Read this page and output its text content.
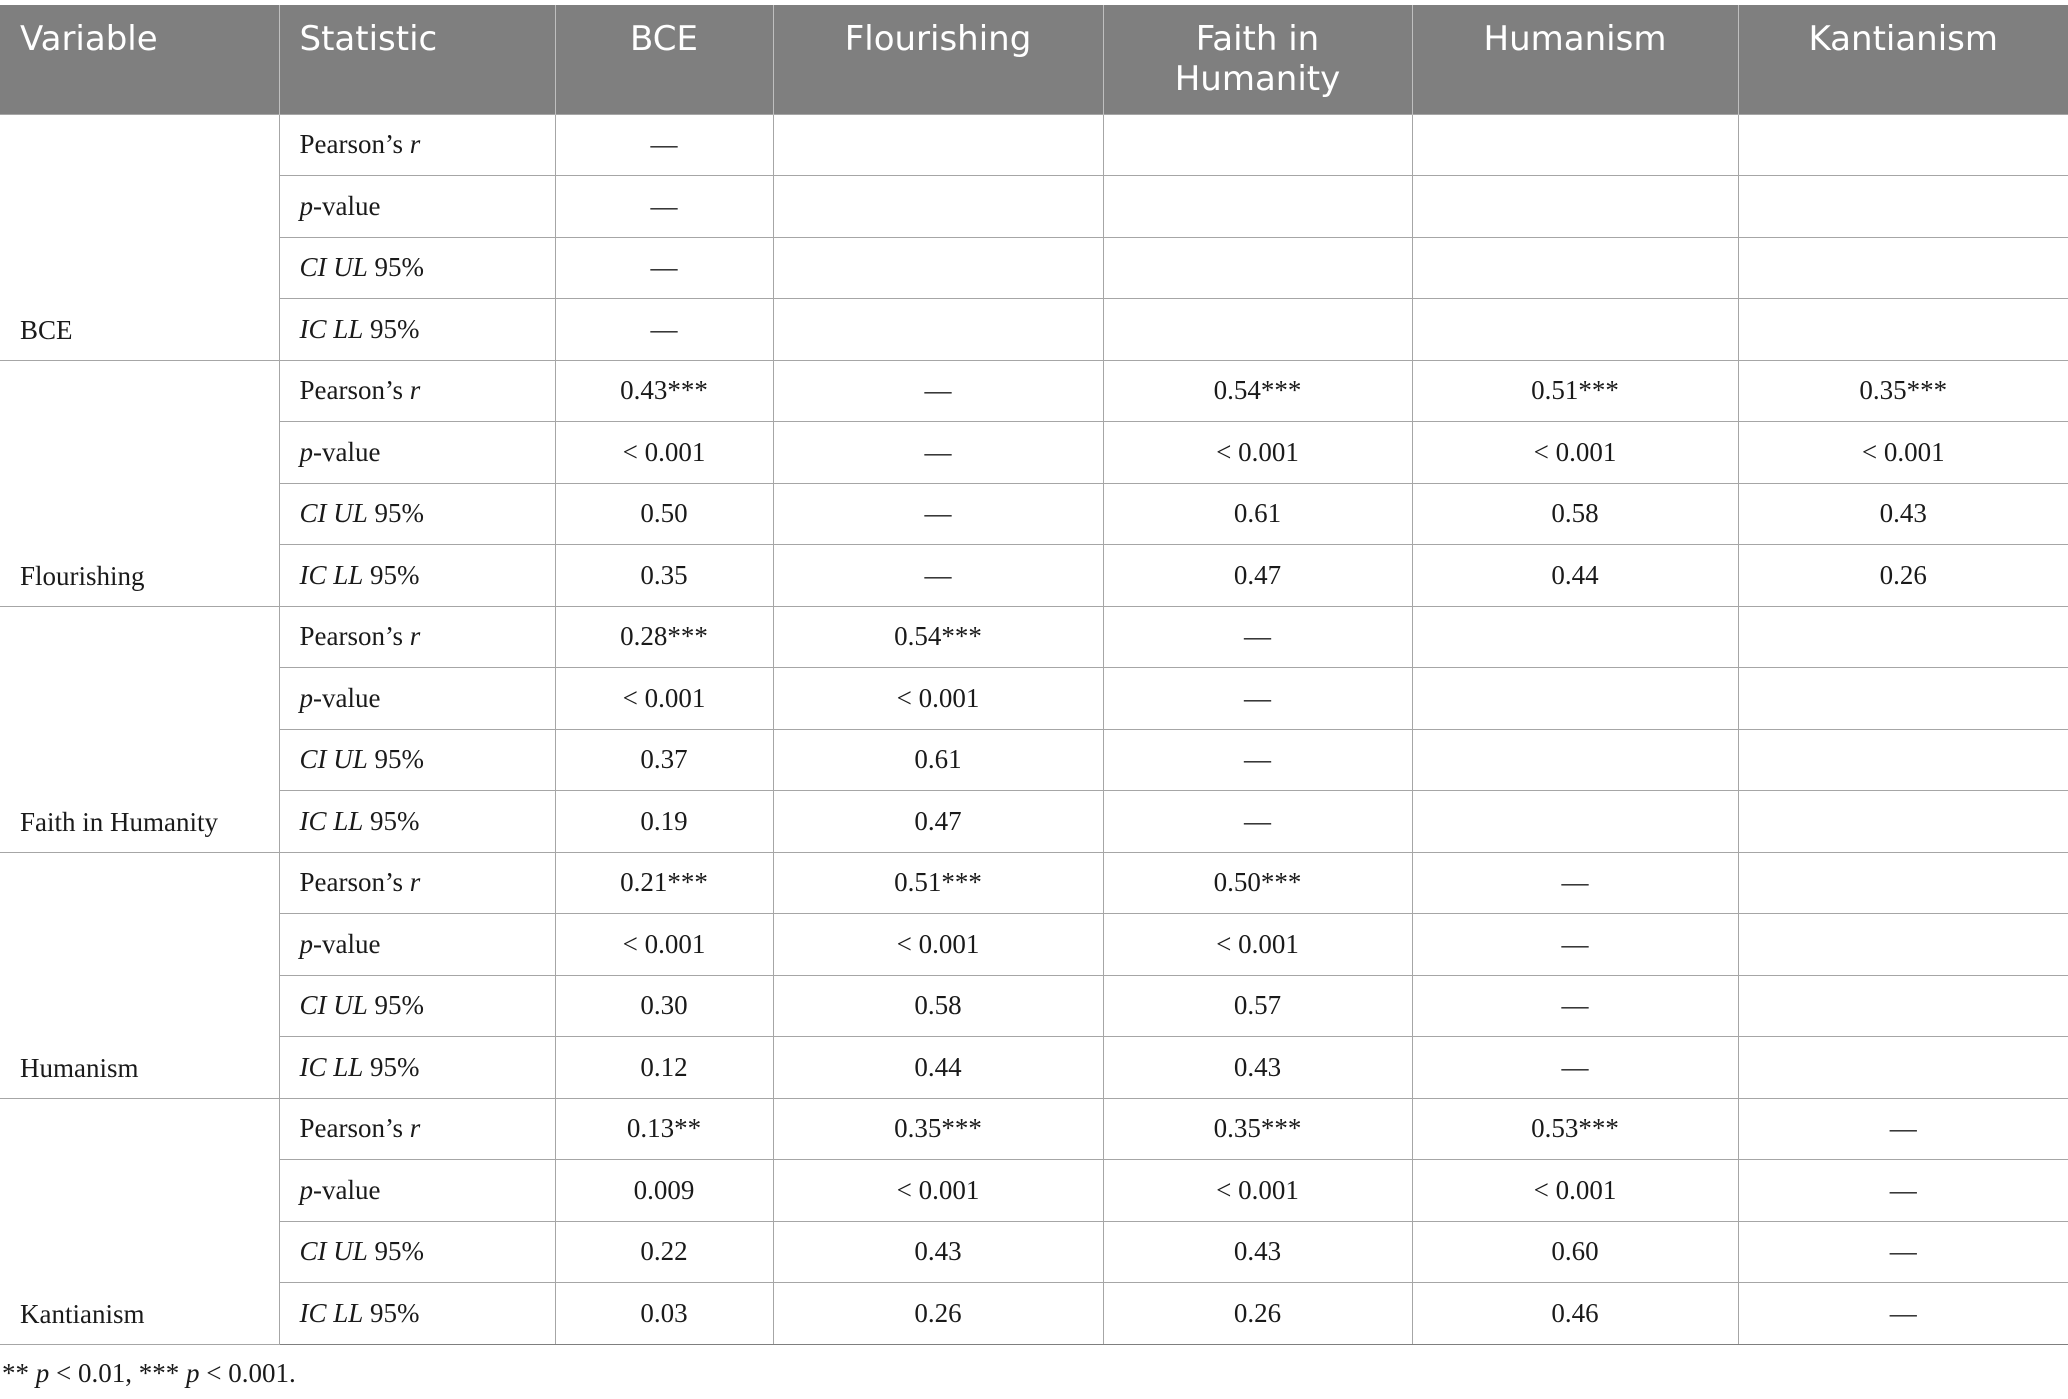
Variable	Statistic	BCE	Flourishing	Faith in Humanity	Humanism	Kantianism
BCE	Pearson’s r	—				
	p-value	—				
	CI UL 95%	—				
	IC LL 95%	—				
Flourishing	Pearson’s r	0.43***	—	0.54***	0.51***	0.35***
	p-value	< 0.001	—	< 0.001	< 0.001	< 0.001
	CI UL 95%	0.50	—	0.61	0.58	0.43
	IC LL 95%	0.35	—	0.47	0.44	0.26
Faith in Humanity	Pearson’s r	0.28***	0.54***	—		
	p-value	< 0.001	< 0.001	—		
	CI UL 95%	0.37	0.61	—		
	IC LL 95%	0.19	0.47	—		
Humanism	Pearson’s r	0.21***	0.51***	0.50***	—	
	p-value	< 0.001	< 0.001	< 0.001	—	
	CI UL 95%	0.30	0.58	0.57	—	
	IC LL 95%	0.12	0.44	0.43	—	
Kantianism	Pearson’s r	0.13**	0.35***	0.35***	0.53***	—
	p-value	0.009	< 0.001	< 0.001	< 0.001	—
	CI UL 95%	0.22	0.43	0.43	0.60	—
	IC LL 95%	0.03	0.26	0.26	0.46	—
** p < 0.01, *** p < 0.001.
